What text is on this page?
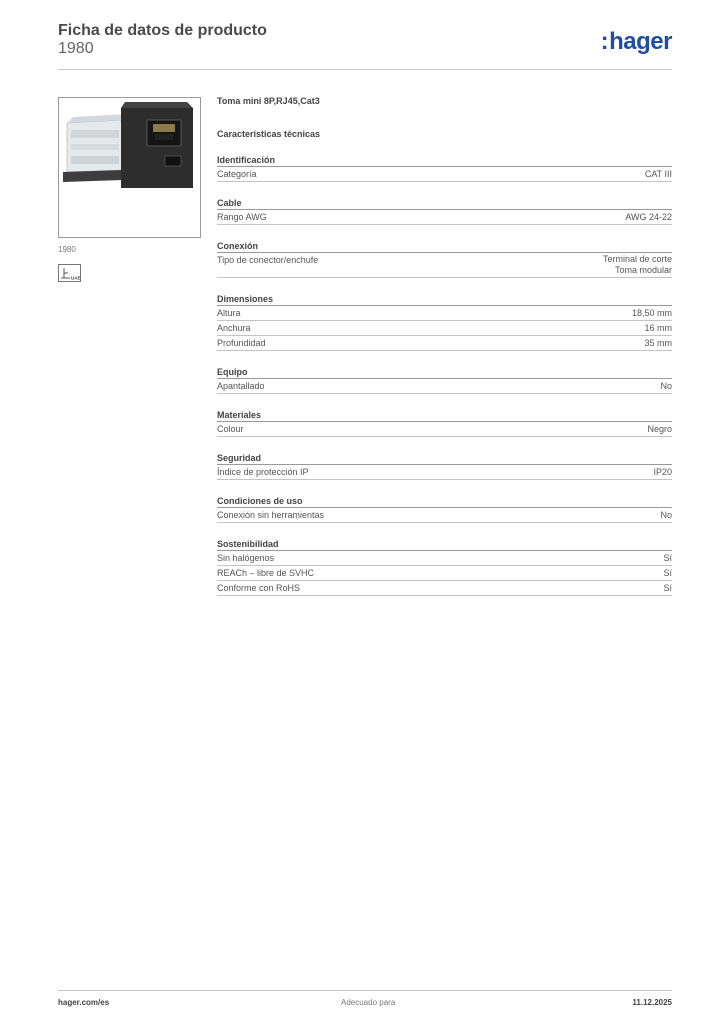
Ficha de datos de producto
1980	:hager
1980
UAE
Toma mini 8P,RJ45,Cat3
Características técnicas
Identificación
Categoría	CAT III
Cable
Rango AWG	AWG 24-22
Conexión
Tipo de conector/enchufe	Terminal de corte
Toma modular
Dimensiones
Altura	18,50 mm
Anchura	16 mm
Profundidad	35 mm
Equipo
Apantallado	No
Materiales
Colour	Negro
Seguridad
Índice de protección IP	IP20
Condiciones de uso
Conexión sin herramientas	No
Sostenibilidad
Sin halógenos	Sí
REACh – libre de SVHC	Sí
Conforme con RoHS	Sí
hager.com/es	Adecuado para	11.12.2025
